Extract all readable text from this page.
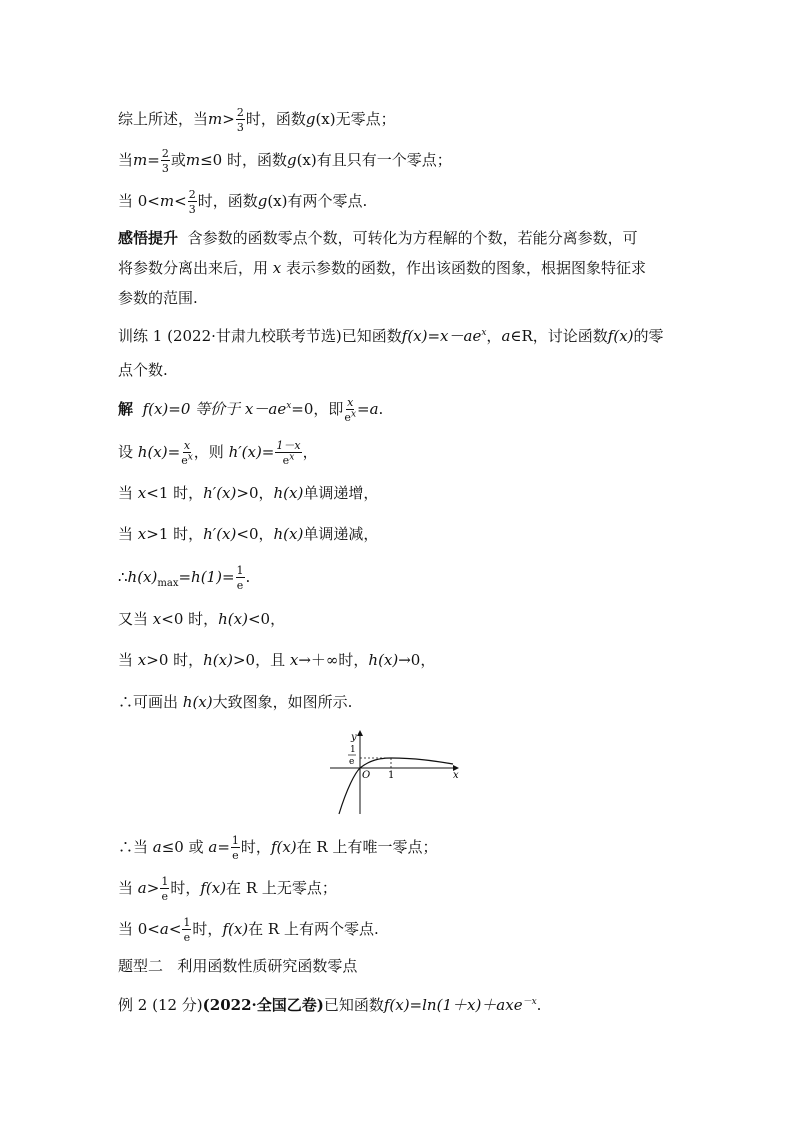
综上所述，当$m> \frac{2}{3}$ 时，函数g(x)无零点；
当$m= \frac{2}{3}$ 或m≤0 时，函数g(x)有且只有一个零点；
当 $0<m< \frac{2}{3}$ 时，函数g(x)有两个零点.
感悟提升 含参数的函数零点个数，可转化为方程解的个数，若能分离参数，可
将参数分离出来后，用 x 表示参数的函数，作出该函数的图象，根据图象特征求
参数的范围.
训练 1 (2022·甘肃九校联考节选)已知函数$f(x)=x-ae^x$，a∈R，讨论函数f(x)的零
点个数.
解 f(x)=0 等价于 $x-ae^x=0$，即 $\frac{x}{e^x} =a$.
设 $h(x)= \frac{x}{e^x}$ ，则 $h'(x)= \frac{1-x}{e^x}$ ，
当 x<1 时，h′(x)>0，h(x)单调递增，
当 x>1 时，h′(x)<0，h(x)单调递减，
$\therefore h(x)_{max}=h(1)= \frac{1}{e}$ .
又当 x<0 时，h(x)<0，
当 x>0 时，h(x)>0，且 x→＋∞时，h(x)→0，
∴可画出 h(x)大致图象，如图所示.
y
x
O 1
1
e
∴当 a≤0 或 $a= \frac{1}{e}$ 时，f(x)在 R 上有唯一零点；
当 $a> \frac{1}{e}$ 时，f(x)在 R 上无零点；
当 $0<a< \frac{1}{e}$ 时，f(x)在 R 上有两个零点.
题型二 利用函数性质研究函数零点
例 2 (12 分)(2022·全国乙卷)已知函数f(x)=ln(1＋x)＋axe$^{-x}$.
